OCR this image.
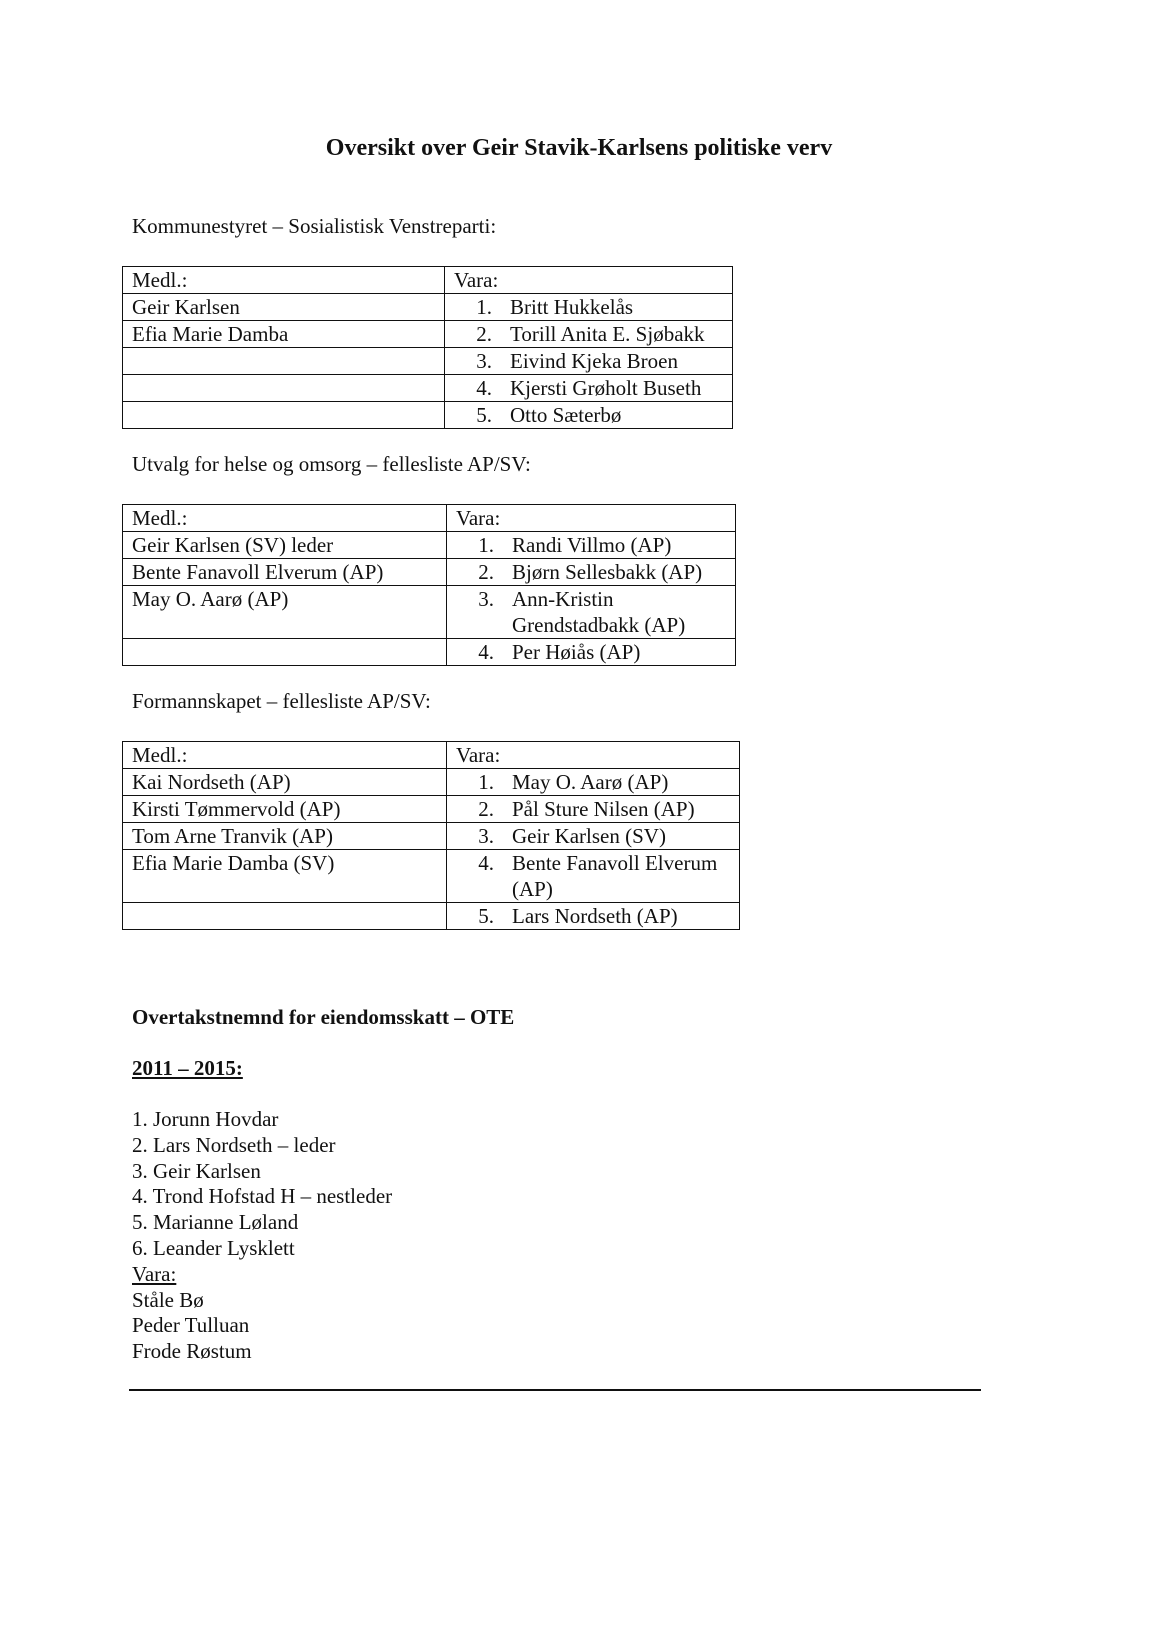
Oversikt over Geir Stavik-Karlsens politiske verv
Kommunestyret – Sosialistisk Venstreparti:
Medl.:	Vara:
Geir Karlsen	1. Britt Hukkelås

Efia Marie Damba	2. Torill Anita E. Sjøbakk

	3. Eivind Kjeka Broen

	4. Kjersti Grøholt Buseth

	5. Otto Sæterbø
Utvalg for helse og omsorg – fellesliste AP/SV:
Medl.:	Vara:
Geir Karlsen (SV) leder	1. Randi Villmo (AP)

Bente Fanavoll Elverum (AP)	2. Bjørn Sellesbakk (AP)

May O. Aarø (AP)	3. Ann-Kristin Grendstadbakk (AP)

	4. Per Høiås (AP)
Formannskapet – fellesliste AP/SV:
Medl.:	Vara:
Kai Nordseth (AP)	1. May O. Aarø (AP)

Kirsti Tømmervold (AP)	2. Pål Sture Nilsen (AP)

Tom Arne Tranvik (AP)	3. Geir Karlsen (SV)

Efia Marie Damba (SV)	4. Bente Fanavoll Elverum (AP)

	5. Lars Nordseth (AP)
Overtakstnemnd for eiendomsskatt – OTE
2011 – 2015:
1. Jorunn Hovdar
2. Lars Nordseth – leder
3. Geir Karlsen
4. Trond Hofstad H – nestleder
5. Marianne Løland
6. Leander Lysklett
Vara:
Ståle Bø
Peder Tulluan
Frode Røstum
